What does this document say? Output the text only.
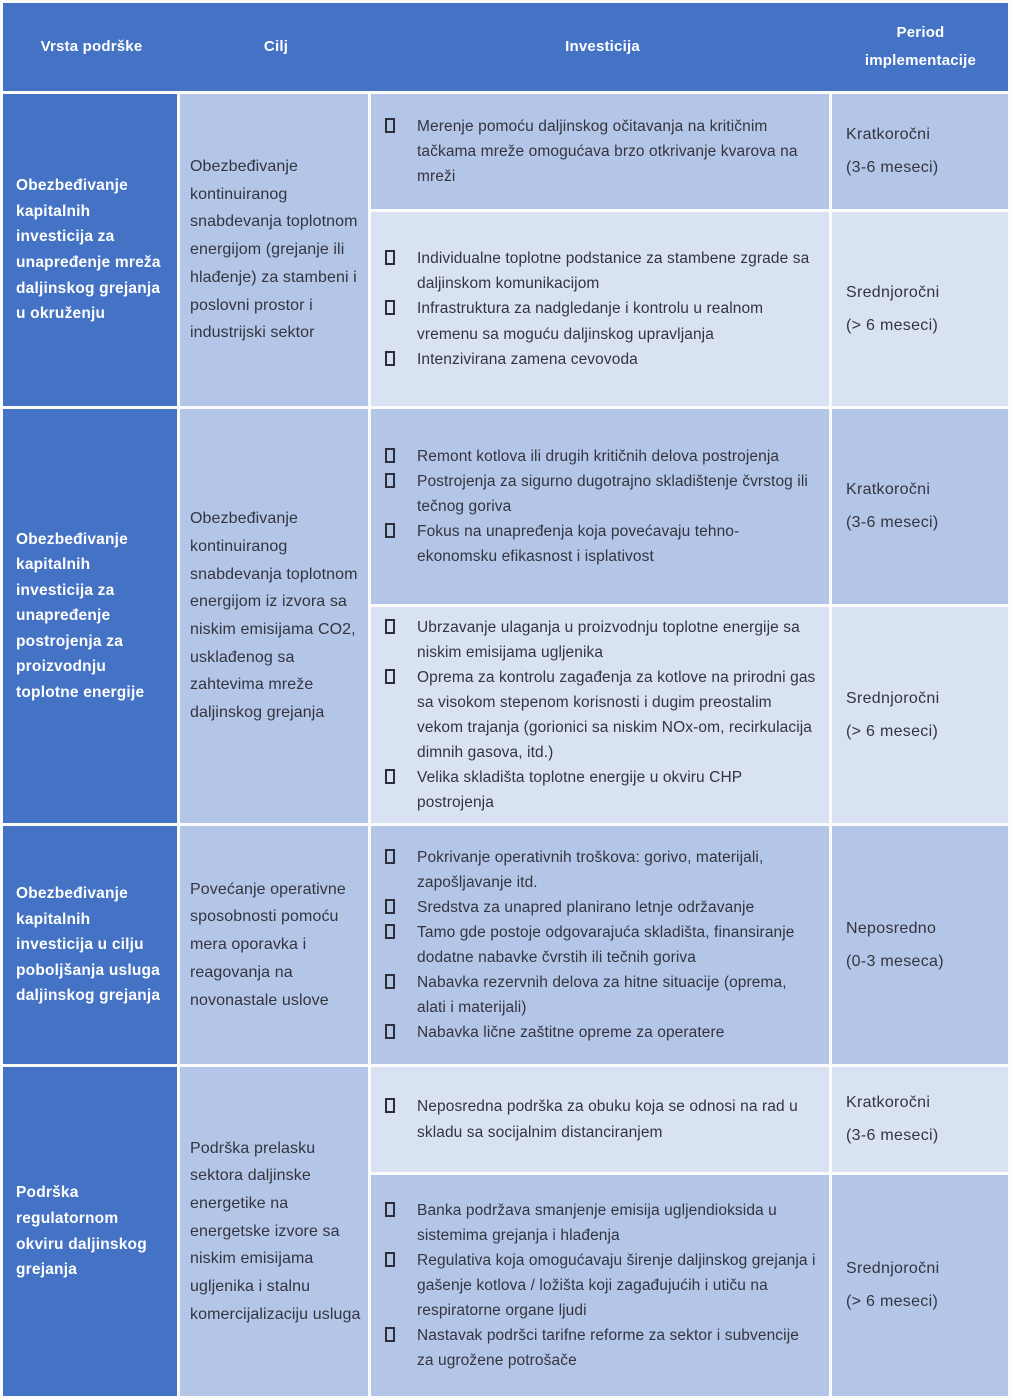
Vrsta podrške	Cilj	Investicija
Period implementacije
Obezbeđivanje kapitalnih investicija za unapređenje mreža daljinskog grejanja u okruženju
Obezbeđivanje kontinuiranog snabdevanja toplotnom energijom (grejanje ili hlađenje) za stambeni i poslovni prostor i industrijski sektor
Merenje pomoću daljinskog očitavanja na kritičnim tačkama mreže omogućava brzo otkrivanje kvarova na mreži
Kratkoročni
(3-6 meseci)
Individualne toplotne podstanice za stambene zgrade sa daljinskom komunikacijom
Infrastruktura za nadgledanje i kontrolu u realnom vremenu sa moguću daljinskog upravljanja
Intenzivirana zamena cevovoda
Srednjoročni
(> 6 meseci)
Obezbeđivanje kapitalnih investicija za unapređenje postrojenja za proizvodnju toplotne energije
Obezbeđivanje kontinuiranog snabdevanja toplotnom energijom iz izvora sa niskim emisijama CO2, usklađenog sa zahtevima mreže daljinskog grejanja
Remont kotlova ili drugih kritičnih delova postrojenja
Postrojenja za sigurno dugotrajno skladištenje čvrstog ili tečnog goriva
Fokus na unapređenja koja povećavaju tehno-ekonomsku efikasnost i isplativost
Kratkoročni
(3-6 meseci)
Ubrzavanje ulaganja u proizvodnju toplotne energije sa niskim emisijama ugljenika
Oprema za kontrolu zagađenja za kotlove na prirodni gas sa visokom stepenom korisnosti i dugim preostalim vekom trajanja (gorionici sa niskim NOx-om, recirkulacija dimnih gasova, itd.)
Velika skladišta toplotne energije u okviru CHP postrojenja
Srednjoročni
(> 6 meseci)
Obezbeđivanje kapitalnih investicija u cilju poboljšanja usluga daljinskog grejanja
Povećanje operativne sposobnosti pomoću mera oporavka i reagovanja na novonastale uslove
Pokrivanje operativnih troškova: gorivo, materijali, zapošljavanje itd.
Sredstva za unapred planirano letnje održavanje
Tamo gde postoje odgovarajuća skladišta, finansiranje dodatne nabavke čvrstih ili tečnih goriva
Nabavka rezervnih delova za hitne situacije (oprema, alati i materijali)
Nabavka lične zaštitne opreme za operatere
Neposredno
(0-3 meseca)
Podrška regulatornom okviru daljinskog grejanja
Podrška prelasku sektora daljinske energetike na energetske izvore sa niskim emisijama ugljenika i stalnu komercijalizaciju usluga
Neposredna podrška za obuku koja se odnosi na rad u skladu sa socijalnim distanciranjem
Kratkoročni
(3-6 meseci)
Banka podržava smanjenje emisija ugljendioksida u sistemima grejanja i hlađenja
Regulativa koja omogućavaju širenje daljinskog grejanja i gašenje kotlova / ložišta koji zagađujućih i utiču na respiratorne organe ljudi
Nastavak podršci tarifne reforme za sektor i subvencije za ugrožene potrošače
Srednjoročni
(> 6 meseci)
